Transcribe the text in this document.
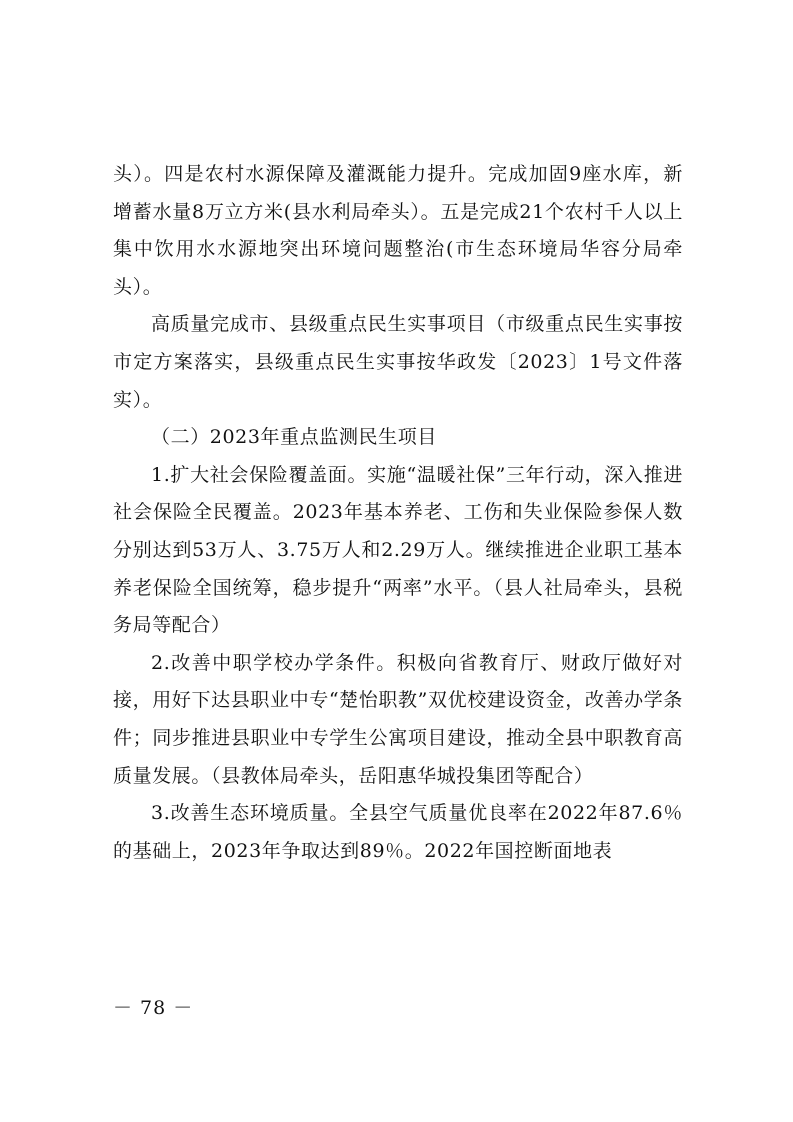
头）。四是农村水源保障及灌溉能力提升。完成加固9座水库，新增蓄水量8万立方米(县水利局牵头）。五是完成21个农村千人以上集中饮用水水源地突出环境问题整治(市生态环境局华容分局牵头）。

高质量完成市、县级重点民生实事项目（市级重点民生实事按市定方案落实，县级重点民生实事按华政发〔2023〕1号文件落实）。

（二）2023年重点监测民生项目

1.扩大社会保险覆盖面。实施“温暖社保”三年行动，深入推进社会保险全民覆盖。2023年基本养老、工伤和失业保险参保人数分别达到53万人、3.75万人和2.29万人。继续推进企业职工基本养老保险全国统筹，稳步提升“两率”水平。（县人社局牵头，县税务局等配合）

2.改善中职学校办学条件。积极向省教育厅、财政厅做好对接，用好下达县职业中专“楚怡职教”双优校建设资金，改善办学条件；同步推进县职业中专学生公寓项目建设，推动全县中职教育高质量发展。（县教体局牵头，岳阳惠华城投集团等配合）

3.改善生态环境质量。全县空气质量优良率在2022年87.6％的基础上，2023年争取达到89％。2022年国控断面地表

－ 78 －
